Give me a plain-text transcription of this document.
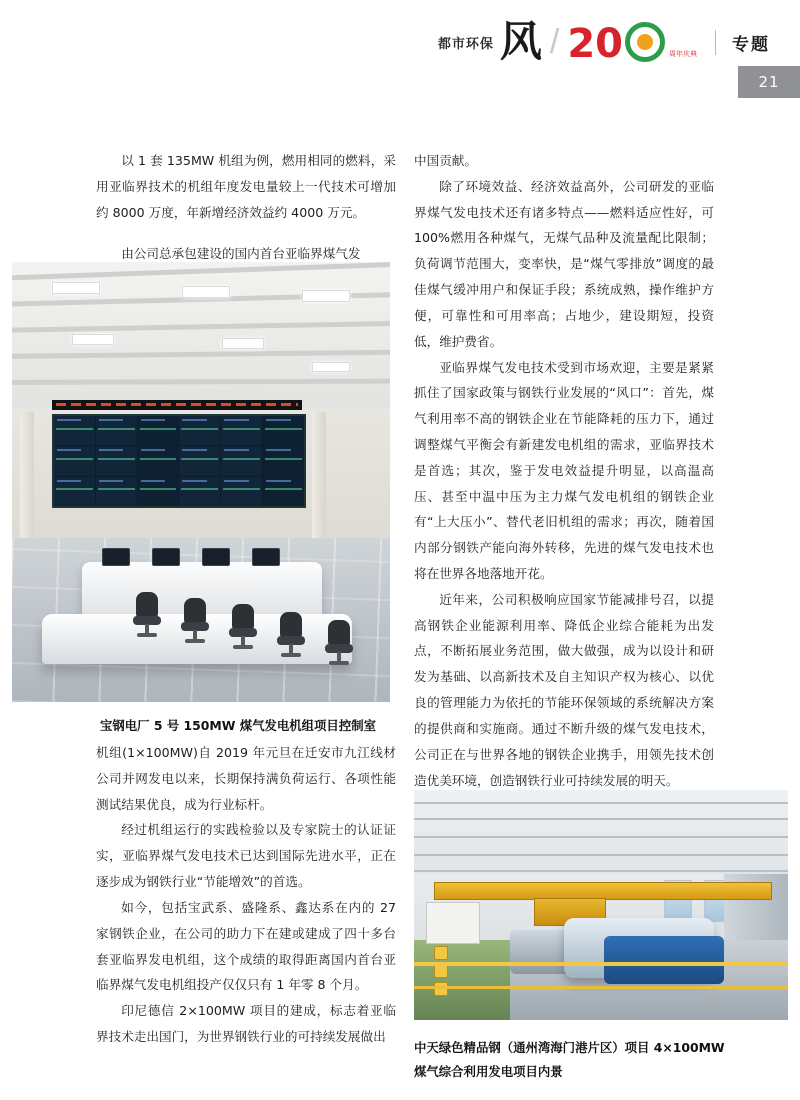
都市环保 风 / 20	周年庆典	专题
21

以 1 套 135MW 机组为例，燃用相同的燃料，采用亚临界技术的机组年度发电量较上一代技术可增加约 8000 万度，年新增经济效益约 4000 万元。

由公司总承包建设的国内首台亚临界煤气发

宝钢电厂 5 号 150MW 煤气发电机组项目控制室

机组(1×100MW)自 2019 年元旦在迁安市九江线材公司并网发电以来，长期保持满负荷运行、各项性能测试结果优良，成为行业标杆。

经过机组运行的实践检验以及专家院士的认证证实，亚临界煤气发电技术已达到国际先进水平，正在逐步成为钢铁行业“节能增效”的首选。

如今，包括宝武系、盛隆系、鑫达系在内的 27 家钢铁企业，在公司的助力下在建或建成了四十多台套亚临界发电机组，这个成绩的取得距离国内首台亚临界煤气发电机组投产仅仅只有 1 年零 8 个月。

印尼德信 2×100MW 项目的建成，标志着亚临界技术走出国门，为世界钢铁行业的可持续发展做出

中国贡献。

除了环境效益、经济效益高外，公司研发的亚临界煤气发电技术还有诸多特点——燃料适应性好，可100%燃用各种煤气，无煤气品种及流量配比限制；负荷调节范围大，变率快，是“煤气零排放”调度的最佳煤气缓冲用户和保证手段；系统成熟，操作维护方便，可靠性和可用率高；占地少，建设期短，投资低，维护费省。

亚临界煤气发电技术受到市场欢迎，主要是紧紧抓住了国家政策与钢铁行业发展的“风口”：首先，煤气利用率不高的钢铁企业在节能降耗的压力下，通过调整煤气平衡会有新建发电机组的需求，亚临界技术是首选；其次，鉴于发电效益提升明显，以高温高压、甚至中温中压为主力煤气发电机组的钢铁企业有“上大压小”、替代老旧机组的需求；再次，随着国内部分钢铁产能向海外转移，先进的煤气发电技术也将在世界各地落地开花。

近年来，公司积极响应国家节能减排号召，以提高钢铁企业能源利用率、降低企业综合能耗为出发点，不断拓展业务范围，做大做强，成为以设计和研发为基础、以高新技术及自主知识产权为核心、以优良的管理能力为依托的节能环保领域的系统解决方案的提供商和实施商。通过不断升级的煤气发电技术，公司正在与世界各地的钢铁企业携手，用领先技术创造优美环境，创造钢铁行业可持续发展的明天。

中天绿色精品钢（通州湾海门港片区）项目 4×100MW
煤气综合利用发电项目内景
